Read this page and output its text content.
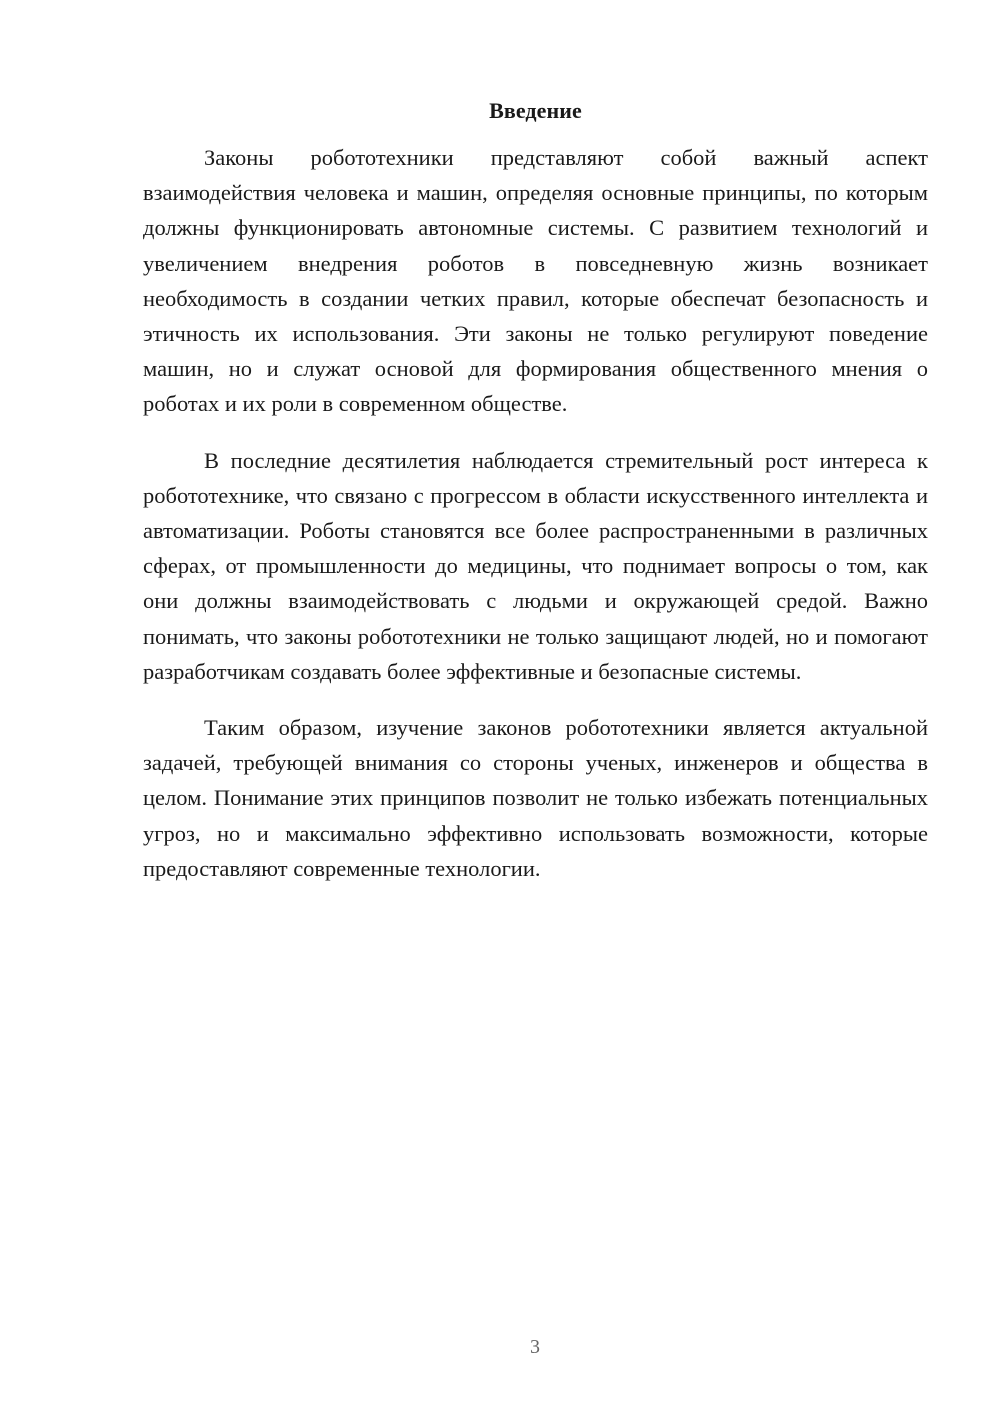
Введение

Законы робототехники представляют собой важный аспект взаимодействия человека и машин, определяя основные принципы, по которым должны функционировать автономные системы. С развитием технологий и увеличением внедрения роботов в повседневную жизнь возникает необходимость в создании четких правил, которые обеспечат безопасность и этичность их использования. Эти законы не только регулируют поведение машин, но и служат основой для формирования общественного мнения о роботах и их роли в современном обществе.

В последние десятилетия наблюдается стремительный рост интереса к робототехнике, что связано с прогрессом в области искусственного интеллекта и автоматизации. Роботы становятся все более распространенными в различных сферах, от промышленности до медицины, что поднимает вопросы о том, как они должны взаимодействовать с людьми и окружающей средой. Важно понимать, что законы робототехники не только защищают людей, но и помогают разработчикам создавать более эффективные и безопасные системы.

Таким образом, изучение законов робототехники является актуальной задачей, требующей внимания со стороны ученых, инженеров и общества в целом. Понимание этих принципов позволит не только избежать потенциальных угроз, но и максимально эффективно использовать возможности, которые предоставляют современные технологии.

3
